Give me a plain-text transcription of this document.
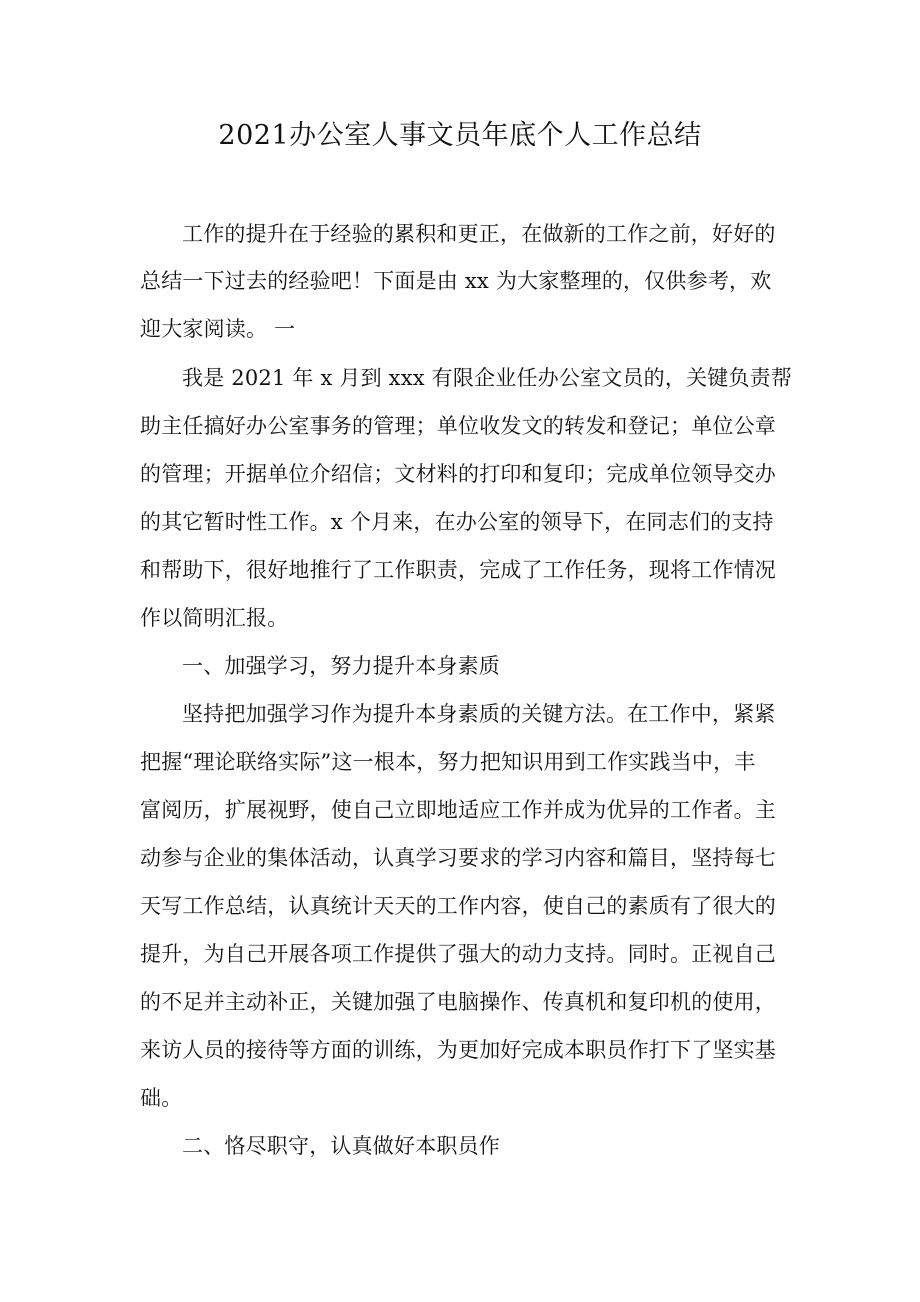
2021办公室人事文员年底个人工作总结
工作的提升在于经验的累积和更正，在做新的工作之前，好好的
总结一下过去的经验吧！下面是由 xx 为大家整理的，仅供参考，欢
迎大家阅读。 一
我是 2021 年 x 月到 xxx 有限企业任办公室文员的，关键负责帮
助主任搞好办公室事务的管理；单位收发文的转发和登记；单位公章
的管理；开据单位介绍信；文材料的打印和复印；完成单位领导交办
的其它暂时性工作。x 个月来，在办公室的领导下，在同志们的支持
和帮助下，很好地推行了工作职责，完成了工作任务，现将工作情况
作以简明汇报。
一、加强学习，努力提升本身素质
坚持把加强学习作为提升本身素质的关键方法。在工作中，紧紧
把握“理论联络实际”这一根本，努力把知识用到工作实践当中，丰
富阅历，扩展视野，使自己立即地适应工作并成为优异的工作者。主
动参与企业的集体活动，认真学习要求的学习内容和篇目，坚持每七
天写工作总结，认真统计天天的工作内容，使自己的素质有了很大的
提升，为自己开展各项工作提供了强大的动力支持。同时。正视自己
的不足并主动补正，关键加强了电脑操作、传真机和复印机的使用，
来访人员的接待等方面的训练，为更加好完成本职员作打下了坚实基
础。
二、恪尽职守，认真做好本职员作
